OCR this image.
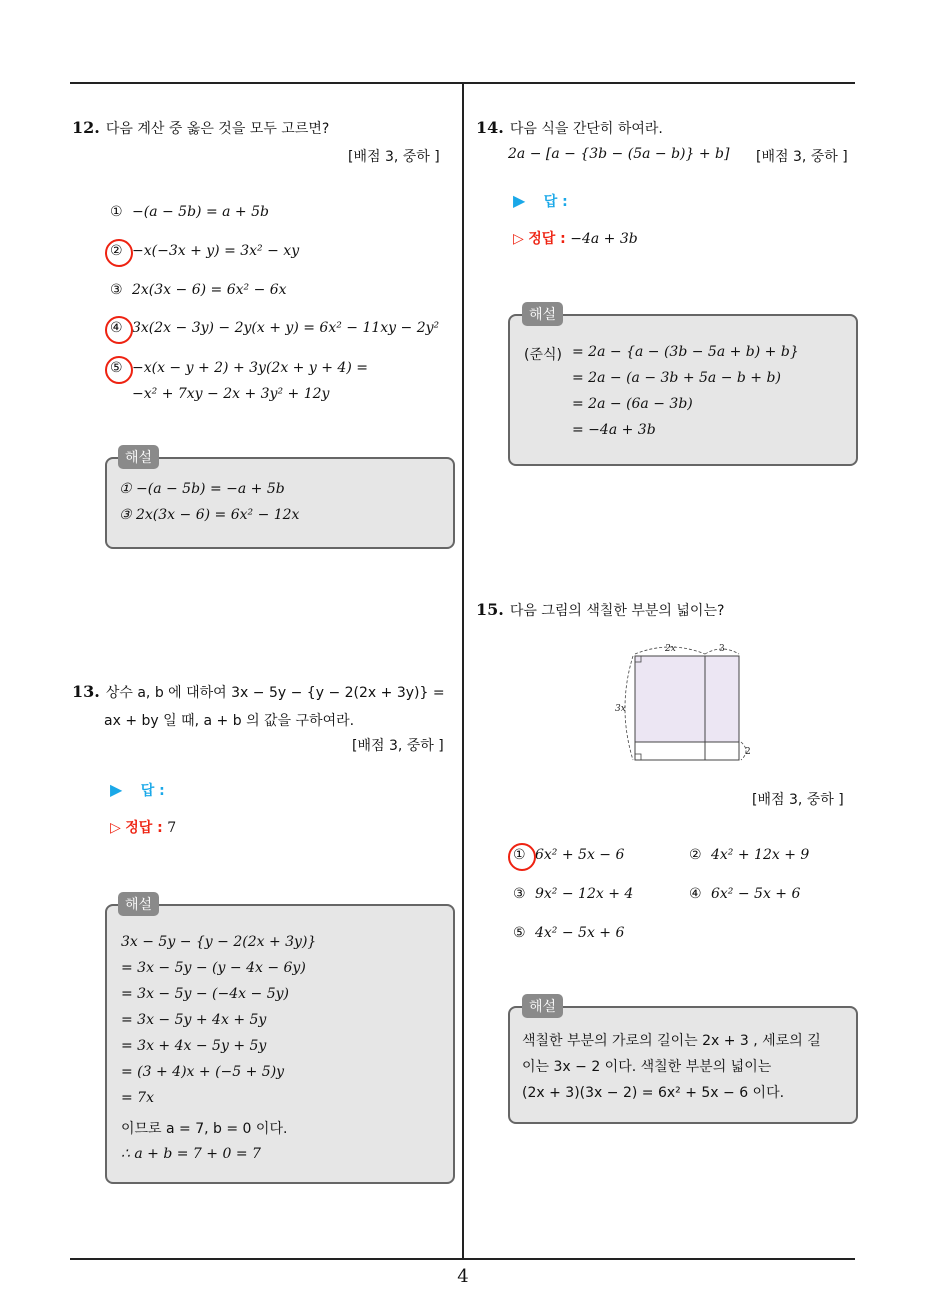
4
12. 다음 계산 중 옳은 것을 모두 고르면?
[배점 3, 중하 ]
① −(a − 5b) = a + 5b
② −x(−3x + y) = 3x² − xy
③ 2x(3x − 6) = 6x² − 6x
④ 3x(2x − 3y) − 2y(x + y) = 6x² − 11xy − 2y²
⑤ −x(x − y + 2) + 3y(2x + y + 4) =
−x² + 7xy − 2x + 3y² + 12y
① −(a − 5b) = −a + 5b
③ 2x(3x − 6) = 6x² − 12x
해설
13. 상수 a, b 에 대하여 3x − 5y − {y − 2(2x + 3y)} =
ax + by 일 때, a + b 의 값을 구하여라.
[배점 3, 중하 ]
▶ 답 :
▷ 정답 : 7
3x − 5y − {y − 2(2x + 3y)}
= 3x − 5y − (y − 4x − 6y)
= 3x − 5y − (−4x − 5y)
= 3x − 5y + 4x + 5y
= 3x + 4x − 5y + 5y
= (3 + 4)x + (−5 + 5)y
= 7x
이므로 a = 7, b = 0 이다.
∴ a + b = 7 + 0 = 7
해설
14. 다음 식을 간단히 하여라.
2a − [a − {3b − (5a − b)} + b] [배점 3, 중하 ]
▶ 답 :
▷ 정답 : −4a + 3b
(준식) = 2a − {a − (3b − 5a + b) + b}
= 2a − (a − 3b + 5a − b + b)
= 2a − (6a − 3b)
= −4a + 3b
해설
15. 다음 그림의 색칠한 부분의 넓이는?
2x	3
3x
2
[배점 3, 중하 ]
① 6x² + 5x − 6	② 4x² + 12x + 9
③ 9x² − 12x + 4	④ 6x² − 5x + 6
⑤ 4x² − 5x + 6
색칠한 부분의 가로의 길이는 2x + 3 , 세로의 길
이는 3x − 2 이다. 색칠한 부분의 넓이는
(2x + 3)(3x − 2) = 6x² + 5x − 6 이다.
해설
